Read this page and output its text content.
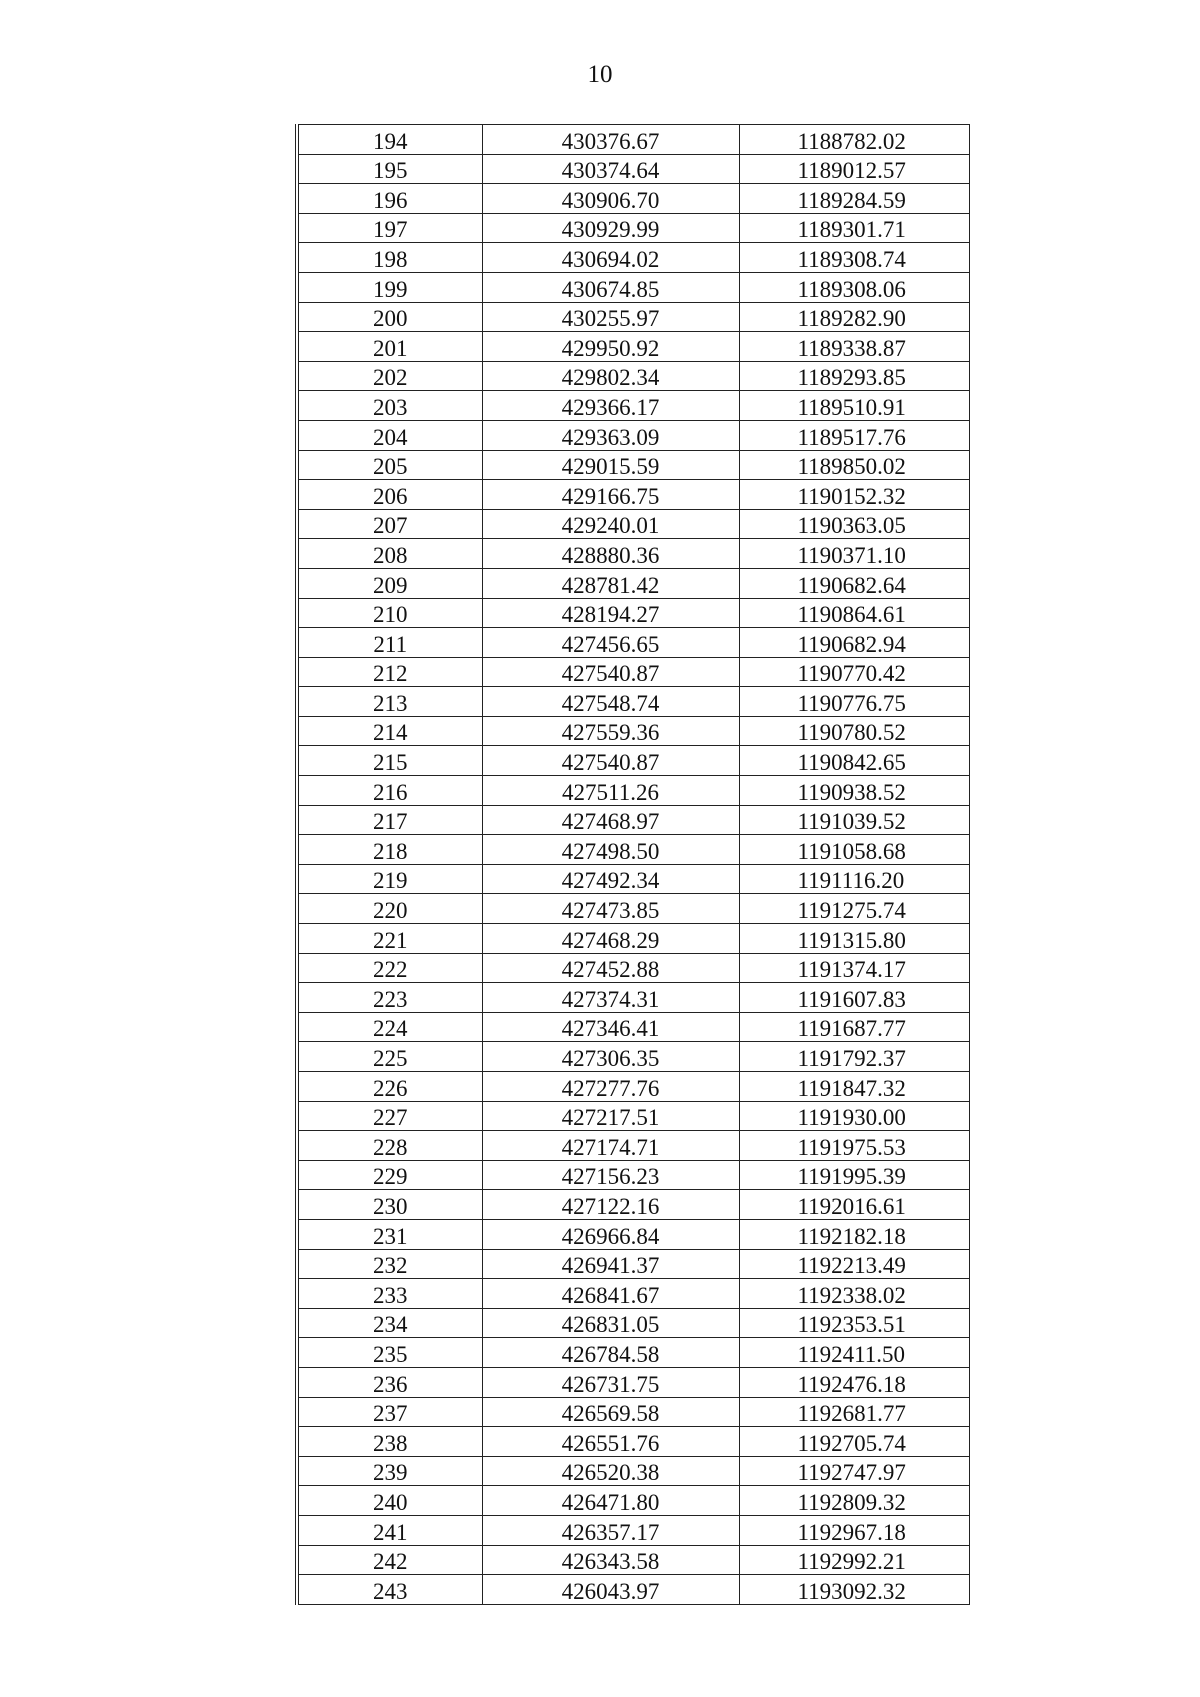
10
194	430376.67	1188782.02
195	430374.64	1189012.57
196	430906.70	1189284.59
197	430929.99	1189301.71
198	430694.02	1189308.74
199	430674.85	1189308.06
200	430255.97	1189282.90
201	429950.92	1189338.87
202	429802.34	1189293.85
203	429366.17	1189510.91
204	429363.09	1189517.76
205	429015.59	1189850.02
206	429166.75	1190152.32
207	429240.01	1190363.05
208	428880.36	1190371.10
209	428781.42	1190682.64
210	428194.27	1190864.61
211	427456.65	1190682.94
212	427540.87	1190770.42
213	427548.74	1190776.75
214	427559.36	1190780.52
215	427540.87	1190842.65
216	427511.26	1190938.52
217	427468.97	1191039.52
218	427498.50	1191058.68
219	427492.34	1191116.20
220	427473.85	1191275.74
221	427468.29	1191315.80
222	427452.88	1191374.17
223	427374.31	1191607.83
224	427346.41	1191687.77
225	427306.35	1191792.37
226	427277.76	1191847.32
227	427217.51	1191930.00
228	427174.71	1191975.53
229	427156.23	1191995.39
230	427122.16	1192016.61
231	426966.84	1192182.18
232	426941.37	1192213.49
233	426841.67	1192338.02
234	426831.05	1192353.51
235	426784.58	1192411.50
236	426731.75	1192476.18
237	426569.58	1192681.77
238	426551.76	1192705.74
239	426520.38	1192747.97
240	426471.80	1192809.32
241	426357.17	1192967.18
242	426343.58	1192992.21
243	426043.97	1193092.32
